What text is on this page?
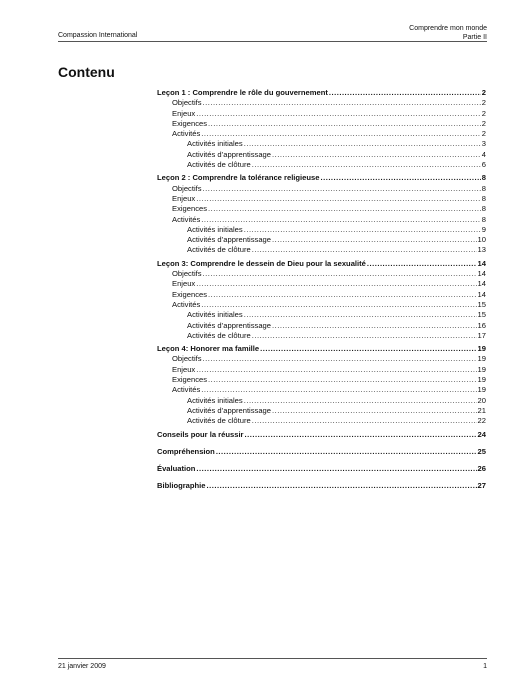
Compassion International
Comprendre mon monde
Partie II
Contenu
Leçon 1 : Comprendre le rôle du gouvernement .....	2
Objectifs .....	2
Enjeux .....	2
Exigences .....	2
Activités .....	2
Activités initiales .....	3
Activités d’apprentissage .....	4
Activités de clôture .....	6
Leçon 2 : Comprendre la tolérance religieuse .....	8
Objectifs .....	8
Enjeux .....	8
Exigences .....	8
Activités .....	8
Activités initiales .....	9
Activités d’apprentissage .....	10
Activités de clôture .....	13
Leçon 3: Comprendre le dessein de Dieu pour la sexualité .....	14
Objectifs .....	14
Enjeux .....	14
Exigences .....	14
Activités .....	15
Activités initiales .....	15
Activités d’apprentissage .....	16
Activités de clôture .....	17
Leçon 4: Honorer ma famille .....	19
Objectifs .....	19
Enjeux .....	19
Exigences .....	19
Activités .....	19
Activités initiales .....	20
Activités d’apprentissage .....	21
Activités de clôture .....	22
Conseils pour la réussir .....	24
Compréhension .....	25
Évaluation .....	26
Bibliographie .....	27
21 janvier 2009	1
